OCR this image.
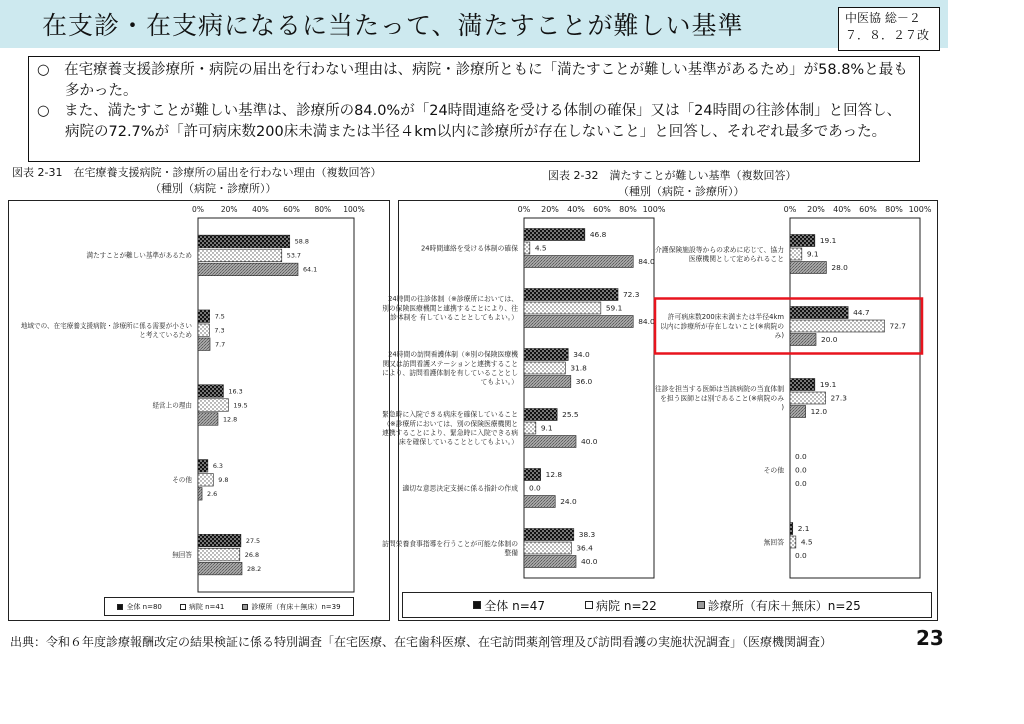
在支診・在支病になるに当たって、満たすことが難しい基準	中医協 総－２
７．８．２７改

○　在宅療養支援診療所・病院の届出を行わない理由は、病院・診療所ともに「満たすことが難しい基準があるため」が58.8%と最も多かった。

○　また、満たすことが難しい基準は、診療所の84.0%が「24時間連絡を受ける体制の確保」又は「24時間の往診体制」と回答し、病院の72.7%が「許可病床数200床未満または半径４km以内に診療所が存在しないこと」と回答し、それぞれ最多であった。

図表 2-31　在宅療養支援病院・診療所の届出を行わない理由（複数回答）
（種別（病院・診療所））
図表 2-32　満たすことが難しい基準（複数回答）
（種別（病院・診療所））
0% 20% 40% 60% 80% 100%
満たすことが難しい基準があるため
58.8
53.7
64.1
地域での、在宅療養支援病院・診療所に係る需要が小さいと考えているため
7.5
7.3
7.7
経営上の理由
16.3
19.5
12.8
その他
6.3
9.8
2.6
無回答
27.5
26.8
28.2
0% 20% 40% 60% 80% 100%
24時間連絡を受ける体制の確保
46.8
4.5
84.0
24時間の往診体制（※診療所においては、別の保険医療機関と連携することにより、往診体制を 有していることとしてもよい。）
72.3
59.1
84.0
24時間の訪問看護体制（※別の保険医療機関又は訪問看護ステーションと連携することにより、訪問看護体制を有していることとしてもよい。）
34.0
31.8
36.0
緊急時に入院できる病床を確保していること（※診療所においては、別の保険医療機関と連携することにより、緊急時に入院できる病床を確保していることとしてもよい。）
25.5
9.1
40.0
適切な意思決定支援に係る指針の作成
12.8
0.0
24.0
訪問栄養食事指導を行うことが可能な体制の整備
38.3
36.4
40.0
0% 20% 40% 60% 80% 100%
介護保険施設等からの求めに応じて、協力医療機関として定められること
19.1
9.1
28.0
許可病床数200床未満または半径4km 以内に診療所が存在しないこと(※病院のみ)
44.7
72.7
20.0
往診を担当する医師は当該病院の当直体制を担う医師とは別であること(※病院のみ)
19.1
27.3
12.0
その他
0.0
0.0
0.0
無回答
2.1
4.5
0.0
全体 n=80	病院 n=41	診療所（有床＋無床）n=39	全体 n=47	病院 n=22	診療所（有床＋無床）n=25
出典：令和６年度診療報酬改定の結果検証に係る特別調査「在宅医療、在宅歯科医療、在宅訪問薬剤管理及び訪問看護の実施状況調査」（医療機関調査）	23
